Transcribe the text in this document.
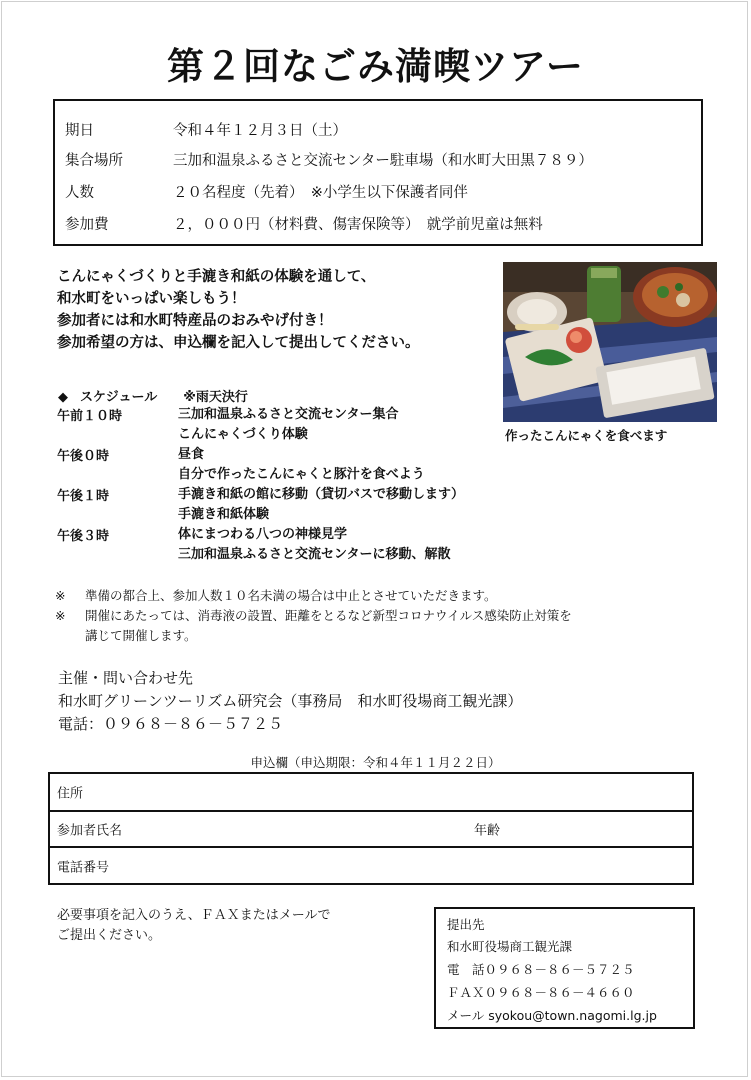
第２回なごみ満喫ツアー
期日	令和４年１２月３日（土）
集合場所	三加和温泉ふるさと交流センター駐車場（和水町大田黒７８９）
人数	２０名程度（先着）　※小学生以下保護者同伴
参加費	２，０００円（材料費、傷害保険等）　就学前児童は無料
こんにゃくづくりと手漉き和紙の体験を通して、
和水町をいっぱい楽しもう！
参加者には和水町特産品のおみやげ付き！
参加希望の方は、申込欄を記入して提出してください。
作ったこんにゃくを食べます
◆ スケジュール ※雨天決行
午前１０時	三加和温泉ふるさと交流センター集合
こんにゃくづくり体験
午後０時	昼食
自分で作ったこんにゃくと豚汁を食べよう
午後１時	手漉き和紙の館に移動（貸切バスで移動します）
手漉き和紙体験
午後３時	体にまつわる八つの神様見学
三加和温泉ふるさと交流センターに移動、解散
※ 準備の都合上、参加人数１０名未満の場合は中止とさせていただきます。
※ 開催にあたっては、消毒液の設置、距離をとるなど新型コロナウイルス感染防止対策を
講じて開催します。
主催・問い合わせ先
和水町グリーンツーリズム研究会（事務局　和水町役場商工観光課）
電話：０９６８－８６－５７２５
申込欄（申込期限：令和４年１１月２２日）
住所
参加者氏名	年齢
電話番号
必要事項を記入のうえ、ＦＡＸまたはメールで
ご提出ください。
提出先
和水町役場商工観光課
電　話０９６８－８６－５７２５
ＦＡＸ０９６８－８６－４６６０
メール syokou@town.nagomi.lg.jp
